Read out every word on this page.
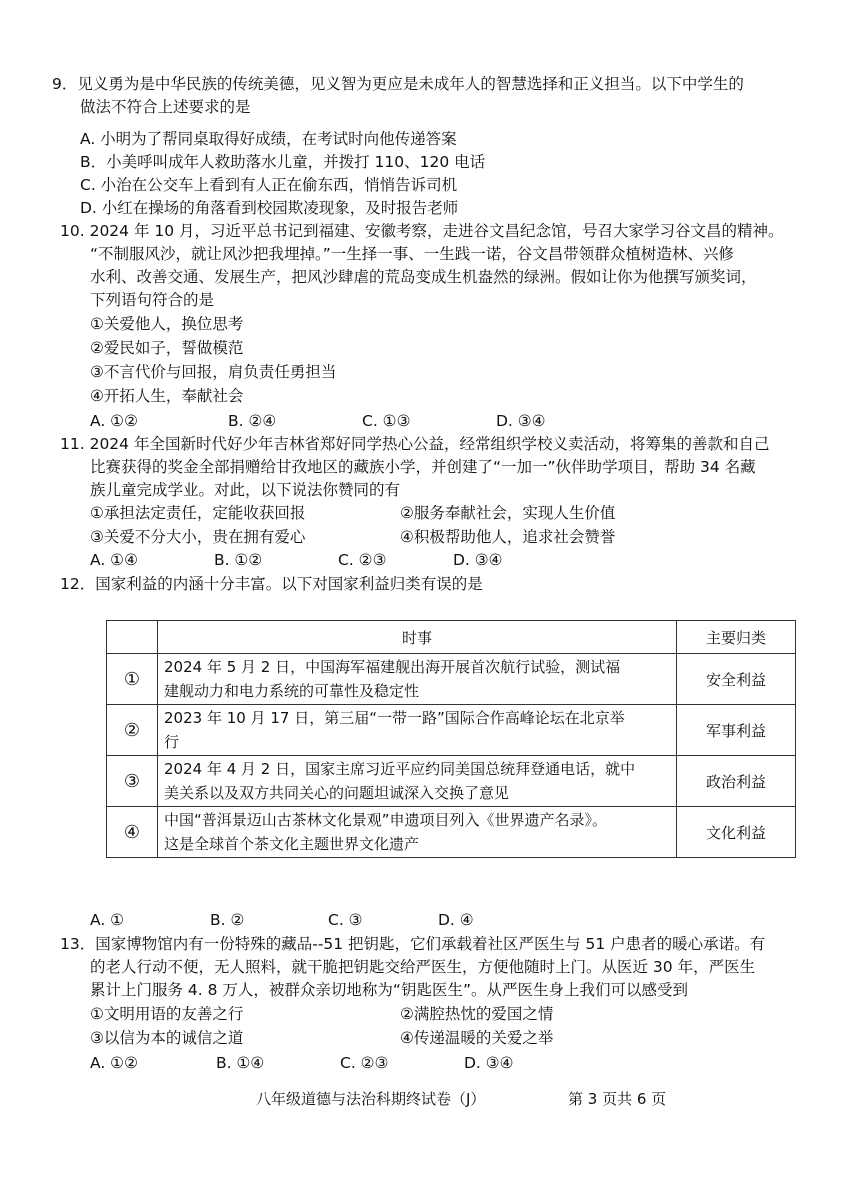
9．见义勇为是中华民族的传统美德，见义智为更应是未成年人的智慧选择和正义担当。以下中学生的
做法不符合上述要求的是
A. 小明为了帮同桌取得好成绩，在考试时向他传递答案
B．小美呼叫成年人救助落水儿童，并拨打 110、120 电话
C. 小治在公交车上看到有人正在偷东西，悄悄告诉司机
D. 小红在操场的角落看到校园欺凌现象，及时报告老师
10. 2024 年 10 月，习近平总书记到福建、安徽考察，走进谷文昌纪念馆，号召大家学习谷文昌的精神。
“不制服风沙，就让风沙把我埋掉。”一生择一事、一生践一诺，谷文昌带领群众植树造林、兴修
水利、改善交通、发展生产，把风沙肆虐的荒岛变成生机盎然的绿洲。假如让你为他撰写颁奖词，
下列语句符合的是
①关爱他人，换位思考
②爱民如子，誓做模范
③不言代价与回报，肩负责任勇担当
④开拓人生，奉献社会
A. ①②	B. ②④	C. ①③	D. ③④
11. 2024 年全国新时代好少年吉林省郑好同学热心公益，经常组织学校义卖活动，将筹集的善款和自己
比赛获得的奖金全部捐赠给甘孜地区的藏族小学，并创建了“一加一”伙伴助学项目，帮助 34 名藏
族儿童完成学业。对此，以下说法你赞同的有
①承担法定责任，定能收获回报	②服务奉献社会，实现人生价值
③关爱不分大小，贵在拥有爱心	④积极帮助他人，追求社会赞誉
A. ①④	B. ①②	C. ②③	D. ③④
12．国家利益的内涵十分丰富。以下对国家利益归类有误的是
	时事	主要归类
①	2024 年 5 月 2 日，中国海军福建舰出海开展首次航行试验，测试福
建舰动力和电力系统的可靠性及稳定性	安全利益
②	2023 年 10 月 17 日，第三届“一带一路”国际合作高峰论坛在北京举
行	军事利益
③	2024 年 4 月 2 日，国家主席习近平应约同美国总统拜登通电话，就中
美关系以及双方共同关心的问题坦诚深入交换了意见	政治利益
④	中国“普洱景迈山古茶林文化景观”申遗项目列入《世界遗产名录》。
这是全球首个茶文化主题世界文化遗产	文化利益
A. ①	B. ②	C. ③	D. ④
13．国家博物馆内有一份特殊的藏品--51 把钥匙，它们承载着社区严医生与 51 户患者的暖心承诺。有
的老人行动不便，无人照料，就干脆把钥匙交给严医生，方便他随时上门。从医近 30 年，严医生
累计上门服务 4. 8 万人，被群众亲切地称为“钥匙医生”。从严医生身上我们可以感受到
①文明用语的友善之行	②满腔热忱的爱国之情
③以信为本的诚信之道	④传递温暖的关爱之举
A. ①②	B. ①④	C. ②③	D. ③④
八年级道德与法治科期终试卷（J）	第 3 页共 6 页
